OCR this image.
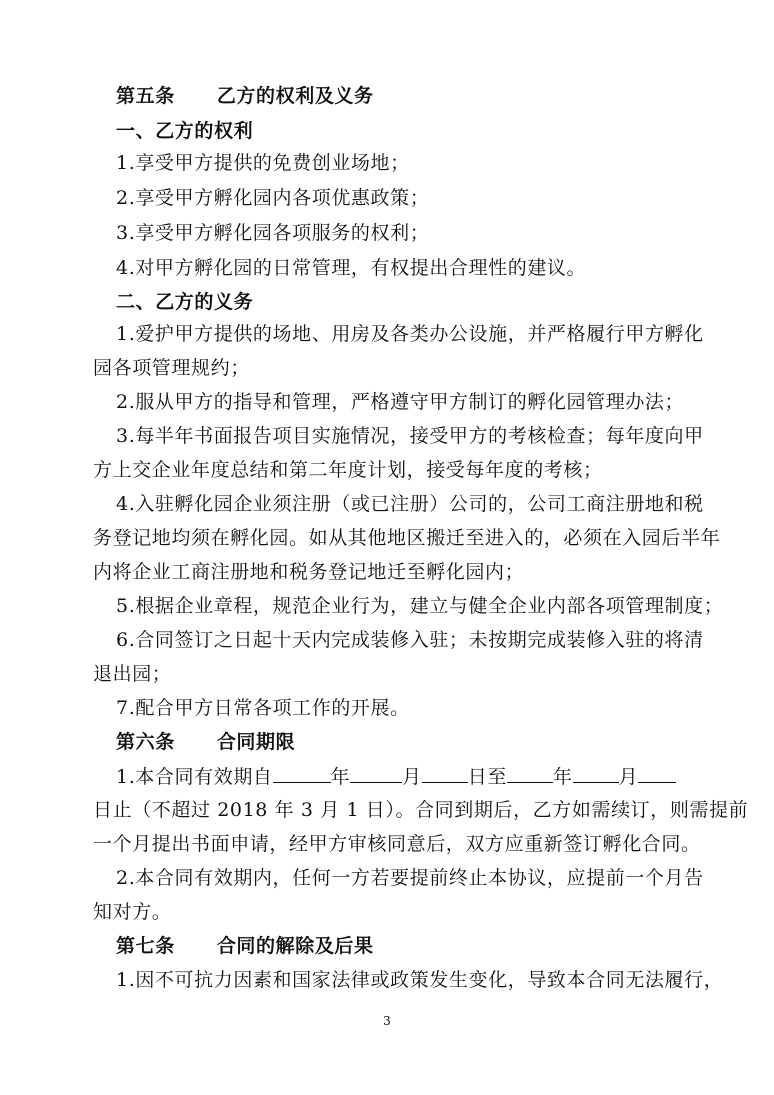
第五条 乙方的权利及义务
一、乙方的权利
1.享受甲方提供的免费创业场地；
2.享受甲方孵化园内各项优惠政策；
3.享受甲方孵化园各项服务的权利；
4.对甲方孵化园的日常管理，有权提出合理性的建议。
二、乙方的义务
1.爱护甲方提供的场地、用房及各类办公设施，并严格履行甲方孵化
园各项管理规约；
2.服从甲方的指导和管理，严格遵守甲方制订的孵化园管理办法；
3.每半年书面报告项目实施情况，接受甲方的考核检查；每年度向甲
方上交企业年度总结和第二年度计划，接受每年度的考核；
4.入驻孵化园企业须注册（或已注册）公司的，公司工商注册地和税
务登记地均须在孵化园。如从其他地区搬迁至进入的，必须在入园后半年
内将企业工商注册地和税务登记地迁至孵化园内；
5.根据企业章程，规范企业行为，建立与健全企业内部各项管理制度；
6.合同签订之日起十天内完成装修入驻；未按期完成装修入驻的将清
退出园；
7.配合甲方日常各项工作的开展。
第六条 合同期限
1.本合同有效期自	年	月 日至 年 月
日止（不超过 2018 年 3 月 1 日）。合同到期后，乙方如需续订，则需提前
一个月提出书面申请，经甲方审核同意后，双方应重新签订孵化合同。
2.本合同有效期内，任何一方若要提前终止本协议，应提前一个月告
知对方。
第七条 合同的解除及后果
1.因不可抗力因素和国家法律或政策发生变化，导致本合同无法履行，
3
